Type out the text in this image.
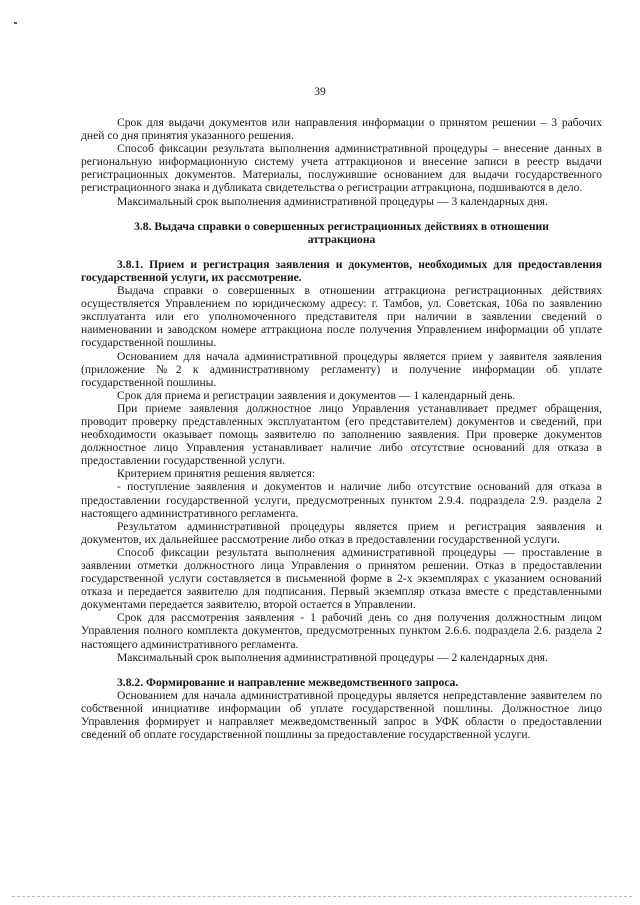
39

Срок для выдачи документов или направления информации о принятом решении – 3 рабочих дней со дня принятия указанного решения.

Способ фиксации результата выполнения административной процедуры – внесение данных в региональную информационную систему учета аттракционов и внесение записи в реестр выдачи регистрационных документов. Материалы, послужившие основанием для выдачи государственного регистрационного знака и дубликата свидетельства о регистрации аттракциона, подшиваются в дело.

Максимальный срок выполнения административной процедуры — 3 календарных дня.

3.8. Выдача справки о совершенных регистрационных действиях в отношении аттракциона

3.8.1. Прием и регистрация заявления и документов, необходимых для предоставления государственной услуги, их рассмотрение.

Выдача справки о совершенных в отношении аттракциона регистрационных действиях осуществляется Управлением по юридическому адресу: г. Тамбов, ул. Советская, 106а по заявлению эксплуатанта или его уполномоченного представителя при наличии в заявлении сведений о наименовании и заводском номере аттракциона после получения Управлением информации об уплате государственной пошлины.

Основанием для начала административной процедуры является прием у заявителя заявления (приложение №2 к административному регламенту) и получение информации об уплате государственной пошлины.

Срок для приема и регистрации заявления и документов — 1 календарный день.

При приеме заявления должностное лицо Управления устанавливает предмет обращения, проводит проверку представленных эксплуатантом (его представителем) документов и сведений, при необходимости оказывает помощь заявителю по заполнению заявления. При проверке документов должностное лицо Управления устанавливает наличие либо отсутствие оснований для отказа в предоставлении государственной услуги.

Критерием принятия решения является:

- поступление заявления и документов и наличие либо отсутствие оснований для отказа в предоставлении государственной услуги, предусмотренных пунктом 2.9.4. подраздела 2.9. раздела 2 настоящего административного регламента.

Результатом административной процедуры является прием и регистрация заявления и документов, их дальнейшее рассмотрение либо отказ в предоставлении государственной услуги.

Способ фиксации результата выполнения административной процедуры — проставление в заявлении отметки должностного лица Управления о принятом решении. Отказ в предоставлении государственной услуги составляется в письменной форме в 2-х экземплярах с указанием оснований отказа и передается заявителю для подписания. Первый экземпляр отказа вместе с представленными документами передается заявителю, второй остается в Управлении.

Срок для рассмотрения заявления - 1 рабочий день со дня получения должностным лицом Управления полного комплекта документов, предусмотренных пунктом 2.6.6. подраздела 2.6. раздела 2 настоящего административного регламента.

Максимальный срок выполнения административной процедуры — 2 календарных дня.

3.8.2. Формирование и направление межведомственного запроса.

Основанием для начала административной процедуры является непредставление заявителем по собственной инициативе информации об уплате государственной пошлины. Должностное лицо Управления формирует и направляет межведомственный запрос в УФК области о предоставлении сведений об оплате государственной пошлины за предоставление государственной услуги.
